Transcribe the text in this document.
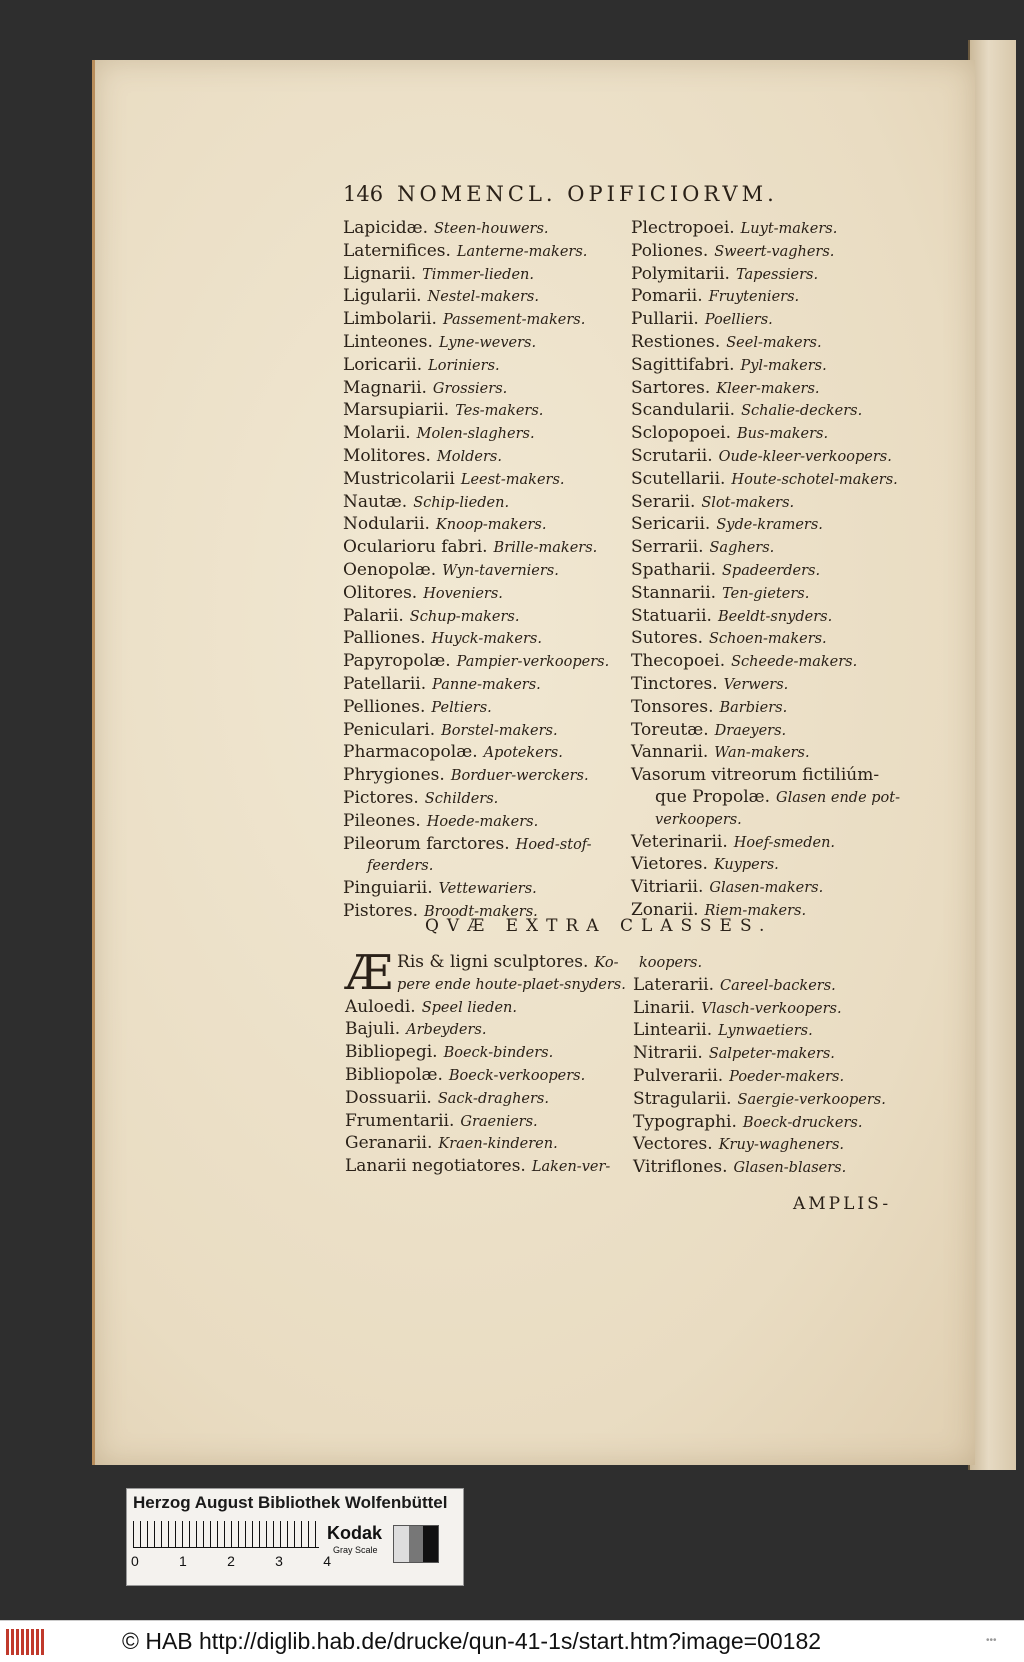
146 NOMENCL. OPIFICIORVM.
Lapicidæ. Steen-houwers.
Laternifices. Lanterne-makers.
Lignarii. Timmer-lieden.
Ligularii. Nestel-makers.
Limbolarii. Passement-makers.
Linteones. Lyne-wevers.
Loricarii. Loriniers.
Magnarii. Grossiers.
Marsupiarii. Tes-makers.
Molarii. Molen-slaghers.
Molitores. Molders.
Mustricolarii Leest-makers.
Nautæ. Schip-lieden.
Nodularii. Knoop-makers.
Ocularioru fabri. Brille-makers.
Oenopolæ. Wyn-taverniers.
Olitores. Hoveniers.
Palarii. Schup-makers.
Palliones. Huyck-makers.
Papyropolæ. Pampier-verkoopers.
Patellarii. Panne-makers.
Pelliones. Peltiers.
Peniculari. Borstel-makers.
Pharmacopolæ. Apotekers.
Phrygiones. Borduer-werckers.
Pictores. Schilders.
Pileones. Hoede-makers.
Pileorum farctores. Hoed-stof-
feerders.
Pinguiarii. Vettewariers.
Pistores. Broodt-makers.
Plectropoei. Luyt-makers.
Poliones. Sweert-vaghers.
Polymitarii. Tapessiers.
Pomarii. Fruyteniers.
Pullarii. Poelliers.
Restiones. Seel-makers.
Sagittifabri. Pyl-makers.
Sartores. Kleer-makers.
Scandularii. Schalie-deckers.
Sclopopoei. Bus-makers.
Scrutarii. Oude-kleer-verkoopers.
Scutellarii. Houte-schotel-makers.
Serarii. Slot-makers.
Sericarii. Syde-kramers.
Serrarii. Saghers.
Spatharii. Spadeerders.
Stannarii. Ten-gieters.
Statuarii. Beeldt-snyders.
Sutores. Schoen-makers.
Thecopoei. Scheede-makers.
Tinctores. Verwers.
Tonsores. Barbiers.
Toreutæ. Draeyers.
Vannarii. Wan-makers.
Vasorum vitreorum fictiliúm-
que Propolæ. Glasen ende pot-
verkoopers.
Veterinarii. Hoef-smeden.
Vietores. Kuypers.
Vitriarii. Glasen-makers.
Zonarii. Riem-makers.
QVÆ EXTRA CLASSES.
Æ Ris & ligni sculptores. Ko-
pere ende houte-plaet-snyders.
Auloedi. Speel lieden.
Bajuli. Arbeyders.
Bibliopegi. Boeck-binders.
Bibliopolæ. Boeck-verkoopers.
Dossuarii. Sack-draghers.
Frumentarii. Graeniers.
Geranarii. Kraen-kinderen.
Lanarii negotiatores. Laken-ver-
koopers.
Laterarii. Careel-backers.
Linarii. Vlasch-verkoopers.
Lintearii. Lynwaetiers.
Nitrarii. Salpeter-makers.
Pulverarii. Poeder-makers.
Stragularii. Saergie-verkoopers.
Typographi. Boeck-druckers.
Vectores. Kruy-wagheners.
Vitriflones. Glasen-blasers.
AMPLIS-
Herzog August Bibliothek Wolfenbüttel
0	1	2	3	4
Kodak
Gray Scale
© HAB http://diglib.hab.de/drucke/qun-41-1s/start.htm?image=00182	•••
